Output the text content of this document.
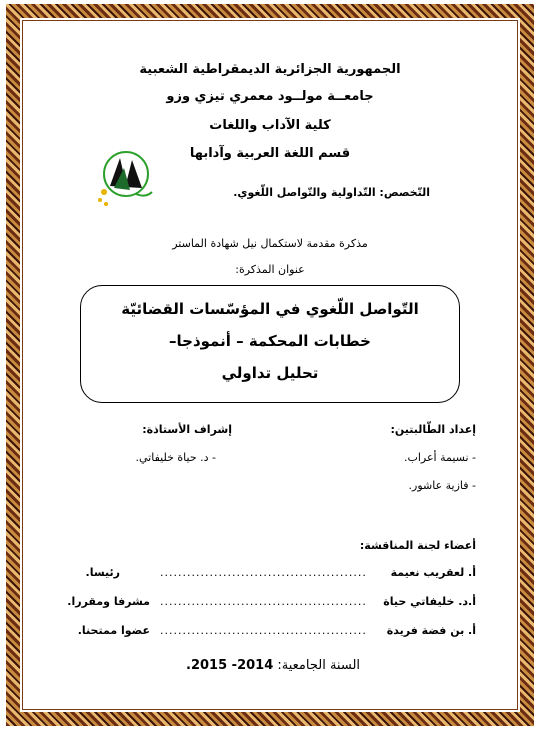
الجمهورية الجزائرية الديمقراطية الشعبية
جامعــة مولــود معمري تيزي وزو
كلية الآداب واللغات
قسم اللغة العربية وآدابها
التّخصص: التّداولية والتّواصل اللّغوي.
مذكرة مقدمة لاستكمال نيل شهادة الماستر
عنوان المذكرة:
التّواصل اللّغوي في المؤسّسات القضائيّة
خطابات المحكمة – أنموذجا–
تحليل تداولي
إعداد الطّالبتين:
- نسيمة أعراب.
- فازية عاشور.
إشراف الأستاذة:
- د. حياة خليفاتي.
أعضاء لجنة المناقشة:
أ. لعقريب نعيمة
..............................................
رئيسا.
أ.د. خليفاتي حياة
..............................................
مشرفا ومقررا.
أ. بن فضة فريدة
..............................................
عضوا ممتحنا.
السنة الجامعية: 2014- 2015.
